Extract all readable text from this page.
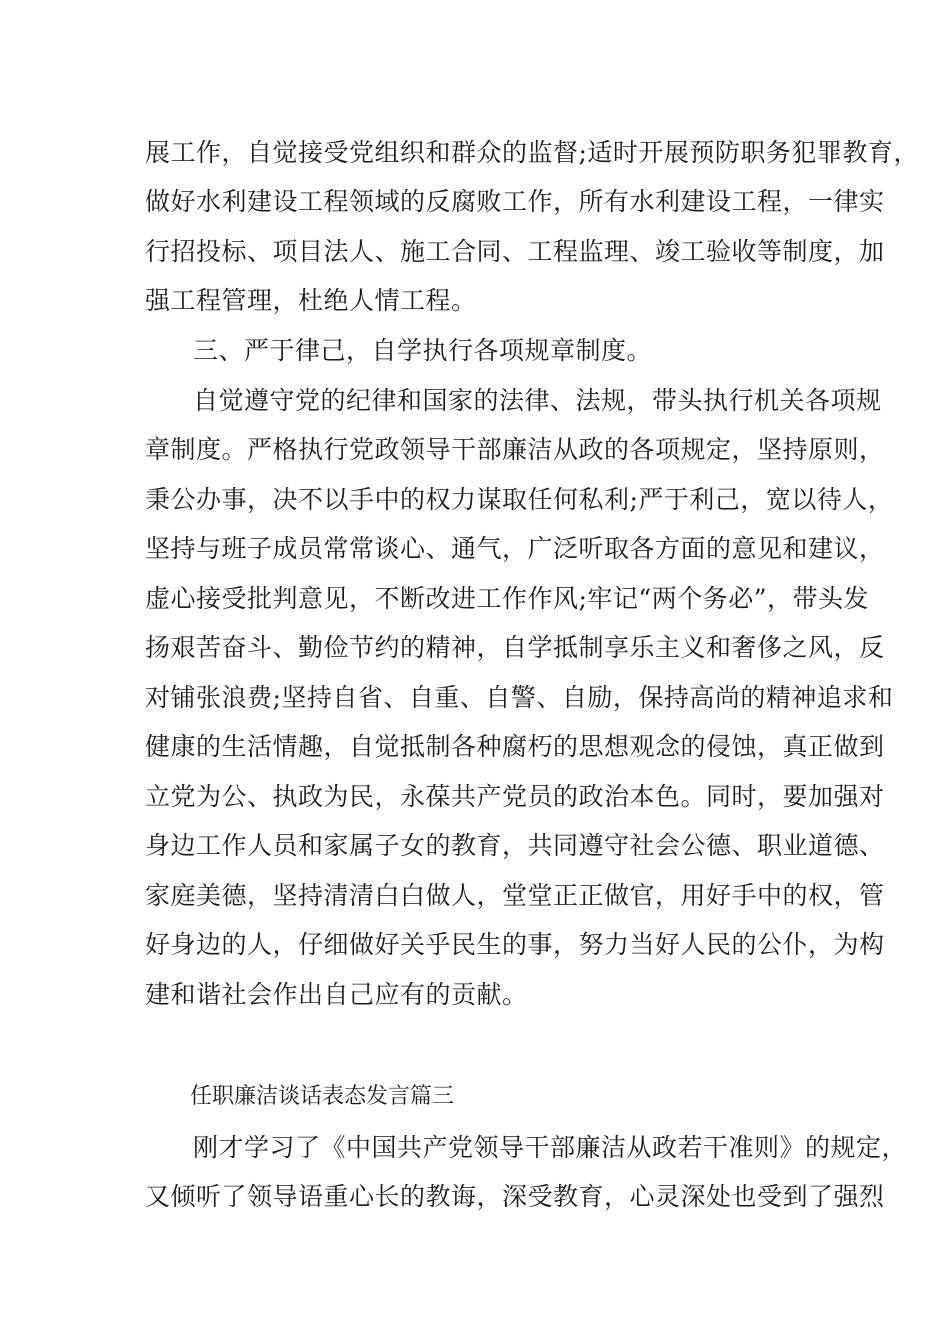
展工作，自觉接受党组织和群众的监督;适时开展预防职务犯罪教育，
做好水利建设工程领域的反腐败工作，所有水利建设工程，一律实
行招投标、项目法人、施工合同、工程监理、竣工验收等制度，加
强工程管理，杜绝人情工程。
三、严于律己，自学执行各项规章制度。
自觉遵守党的纪律和国家的法律、法规，带头执行机关各项规
章制度。严格执行党政领导干部廉洁从政的各项规定，坚持原则，
秉公办事，决不以手中的权力谋取任何私利;严于利己，宽以待人，
坚持与班子成员常常谈心、通气，广泛听取各方面的意见和建议，
虚心接受批判意见，不断改进工作作风;牢记“两个务必”，带头发
扬艰苦奋斗、勤俭节约的精神，自学抵制享乐主义和奢侈之风，反
对铺张浪费;坚持自省、自重、自警、自励，保持高尚的精神追求和
健康的生活情趣，自觉抵制各种腐朽的思想观念的侵蚀，真正做到
立党为公、执政为民，永葆共产党员的政治本色。同时，要加强对
身边工作人员和家属子女的教育，共同遵守社会公德、职业道德、
家庭美德，坚持清清白白做人，堂堂正正做官，用好手中的权，管
好身边的人，仔细做好关乎民生的事，努力当好人民的公仆，为构
建和谐社会作出自己应有的贡献。
任职廉洁谈话表态发言篇三
刚才学习了《中国共产党领导干部廉洁从政若干准则》的规定，
又倾听了领导语重心长的教诲，深受教育，心灵深处也受到了强烈
